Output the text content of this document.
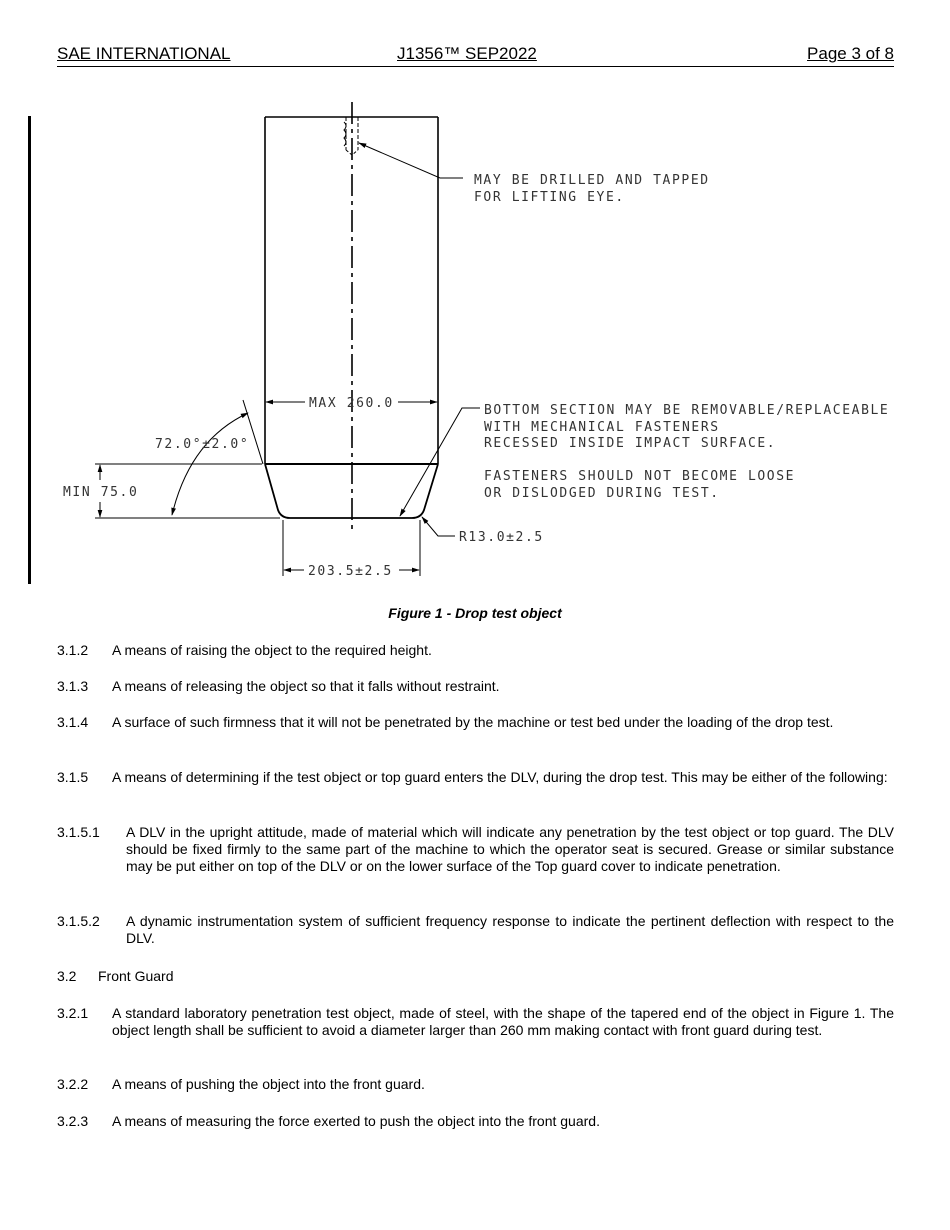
SAE INTERNATIONAL	J1356™ SEP2022	Page 3 of 8
MAY BE DRILLED AND TAPPED
FOR LIFTING EYE.
MAX 260.0	BOTTOM SECTION MAY BE REMOVABLE/REPLACEABLE
WITH MECHANICAL FASTENERS
RECESSED INSIDE IMPACT SURFACE.
72.0°±2.0°
FASTENERS SHOULD NOT BECOME LOOSE
OR DISLODGED DURING TEST.
MIN 75.0
R13.0±2.5
203.5±2.5
Figure 1 - Drop test object
3.1.2 A means of raising the object to the required height.
3.1.3 A means of releasing the object so that it falls without restraint.
3.1.4 A surface of such firmness that it will not be penetrated by the machine or test bed under the loading of the drop test.
3.1.5 A means of determining if the test object or top guard enters the DLV, during the drop test. This may be either of the following:
3.1.5.1 A DLV in the upright attitude, made of material which will indicate any penetration by the test object or top guard. The DLV should be fixed firmly to the same part of the machine to which the operator seat is secured. Grease or similar substance may be put either on top of the DLV or on the lower surface of the Top guard cover to indicate penetration.
3.1.5.2 A dynamic instrumentation system of sufficient frequency response to indicate the pertinent deflection with respect to the DLV.
3.2 Front Guard
3.2.1 A standard laboratory penetration test object, made of steel, with the shape of the tapered end of the object in Figure 1. The object length shall be sufficient to avoid a diameter larger than 260 mm making contact with front guard during test.
3.2.2 A means of pushing the object into the front guard.
3.2.3 A means of measuring the force exerted to push the object into the front guard.
